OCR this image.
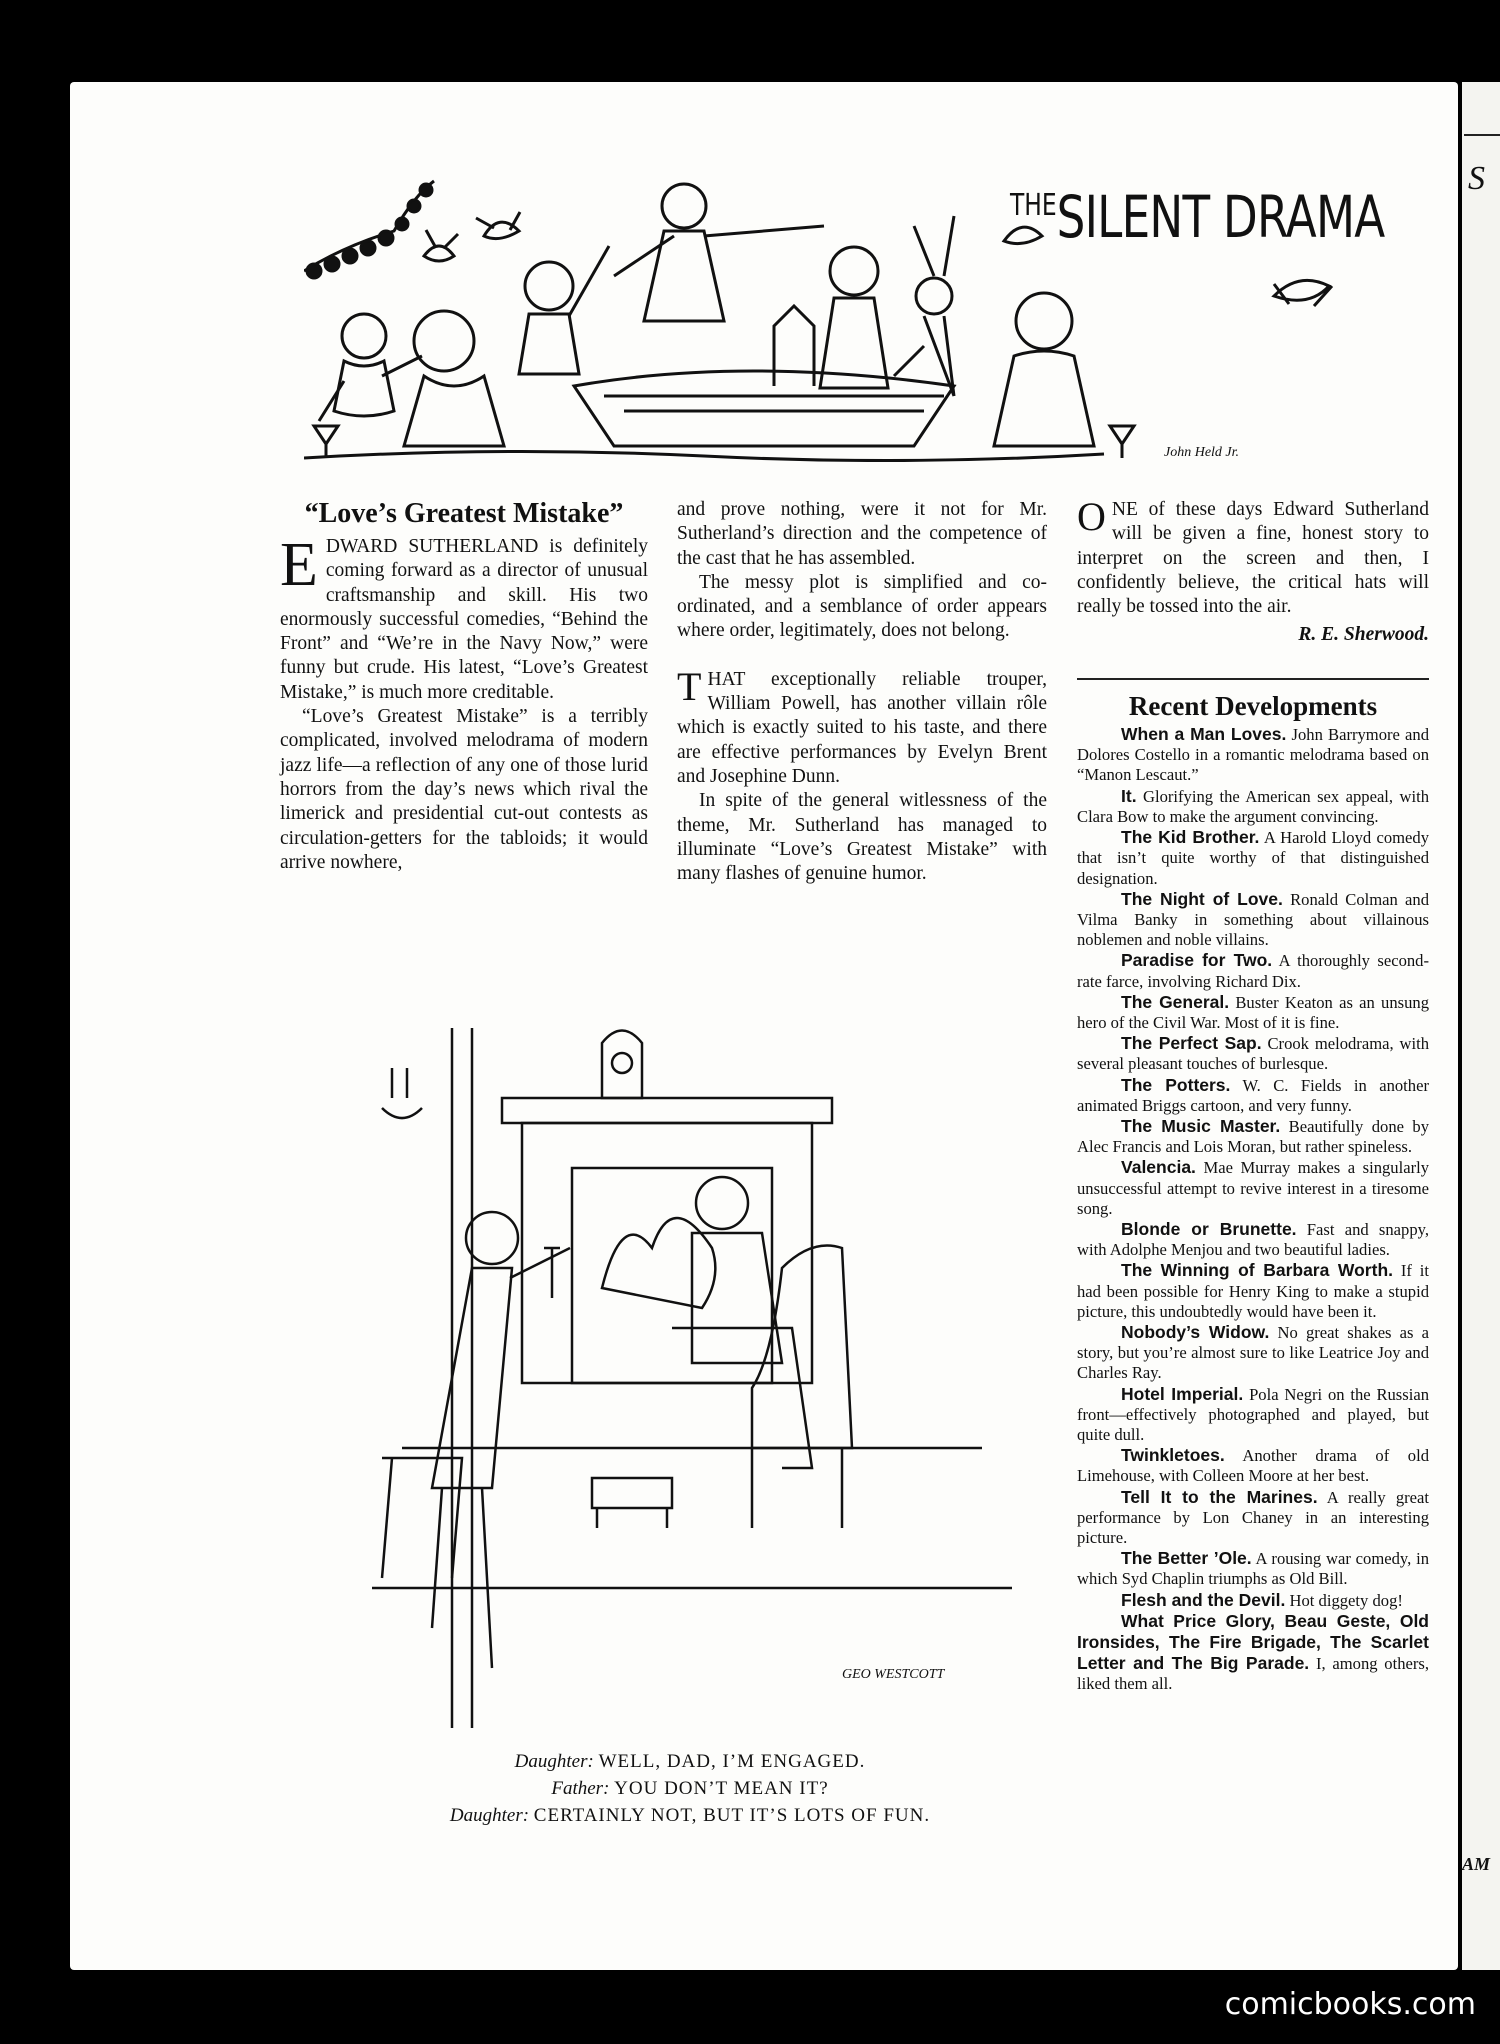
S
AM
John Held Jr.
$^{THE}$SILENT DRAMA
“Love’s Greatest Mistake”

EDWARD SUTHERLAND is definitely coming forward as a director of unusual craftsmanship and skill. His two enormously successful comedies, “Behind the Front” and “We’re in the Navy Now,” were funny but crude. His latest, “Love’s Greatest Mistake,” is much more creditable.

“Love’s Greatest Mistake” is a terribly complicated, involved melodrama of modern jazz life—a reflection of any one of those lurid horrors from the day’s news which rival the limerick and presidential cut-out contests as circulation-getters for the tabloids; it would arrive nowhere,

and prove nothing, were it not for Mr. Sutherland’s direction and the competence of the cast that he has assembled.

The messy plot is simplified and co-ordinated, and a semblance of order appears where order, legitimately, does not belong.

THAT exceptionally reliable trouper, William Powell, has another villain rôle which is exactly suited to his taste, and there are effective performances by Evelyn Brent and Josephine Dunn.

In spite of the general witlessness of the theme, Mr. Sutherland has managed to illuminate “Love’s Greatest Mistake” with many flashes of genuine humor.

ONE of these days Edward Sutherland will be given a fine, honest story to interpret on the screen and then, I confidently believe, the critical hats will really be tossed into the air.

R. E. Sherwood.
Recent Developments

When a Man Loves. John Barrymore and Dolores Costello in a romantic melodrama based on “Manon Lescaut.”

It. Glorifying the American sex appeal, with Clara Bow to make the argument convincing.

The Kid Brother. A Harold Lloyd comedy that isn’t quite worthy of that distinguished designation.

The Night of Love. Ronald Colman and Vilma Banky in something about villainous noblemen and noble villains.

Paradise for Two. A thoroughly second-rate farce, involving Richard Dix.

The General. Buster Keaton as an unsung hero of the Civil War. Most of it is fine.

The Perfect Sap. Crook melodrama, with several pleasant touches of burlesque.

The Potters. W. C. Fields in another animated Briggs cartoon, and very funny.

The Music Master. Beautifully done by Alec Francis and Lois Moran, but rather spineless.

Valencia. Mae Murray makes a singularly unsuccessful attempt to revive interest in a tiresome song.

Blonde or Brunette. Fast and snappy, with Adolphe Menjou and two beautiful ladies.

The Winning of Barbara Worth. If it had been possible for Henry King to make a stupid picture, this undoubtedly would have been it.

Nobody’s Widow. No great shakes as a story, but you’re almost sure to like Leatrice Joy and Charles Ray.

Hotel Imperial. Pola Negri on the Russian front—effectively photographed and played, but quite dull.

Twinkletoes. Another drama of old Limehouse, with Colleen Moore at her best.

Tell It to the Marines. A really great performance by Lon Chaney in an interesting picture.

The Better ’Ole. A rousing war comedy, in which Syd Chaplin triumphs as Old Bill.

Flesh and the Devil. Hot diggety dog!

What Price Glory, Beau Geste, Old Ironsides, The Fire Brigade, The Scarlet Letter and The Big Parade. I, among others, liked them all.

GEO WESTCOTT
Daughter: WELL, DAD, I’M ENGAGED.
Father: YOU DON’T MEAN IT?
Daughter: CERTAINLY NOT, BUT IT’S LOTS OF FUN.
comicbooks.com
